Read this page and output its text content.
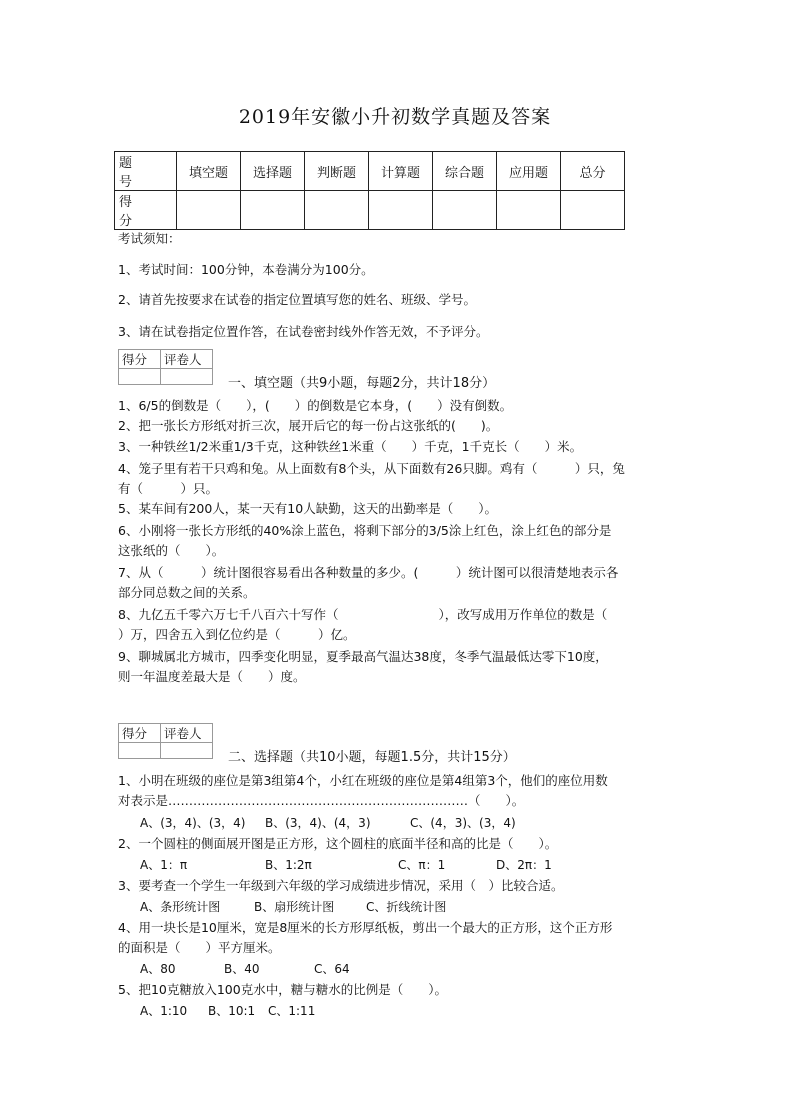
2019年安徽小升初数学真题及答案
题　号	填空题	选择题	判断题	计算题	综合题	应用题	总分
得　分							
考试须知：
1、考试时间：100分钟，本卷满分为100分。
2、请首先按要求在试卷的指定位置填写您的姓名、班级、学号。
3、请在试卷指定位置作答，在试卷密封线外作答无效，不予评分。
得分	评卷人

一、填空题（共9小题，每题2分，共计18分）
1、6/5的倒数是（　　），(　　）的倒数是它本身，(　　）没有倒数。
2、把一张长方形纸对折三次，展开后它的每一份占这张纸的(　　)。
3、一种铁丝1/2米重1/3千克，这种铁丝1米重（　　）千克，1千克长（　　）米。
4、笼子里有若干只鸡和兔。从上面数有8个头，从下面数有26只脚。鸡有（　　　）只，兔
有（　　　）只。
5、某车间有200人，某一天有10人缺勤，这天的出勤率是（　　）。
6、小刚将一张长方形纸的40%涂上蓝色，将剩下部分的3/5涂上红色，涂上红色的部分是
这张纸的（　　）。
7、从（　　　）统计图很容易看出各种数量的多少。(　　　）统计图可以很清楚地表示各
部分同总数之间的关系。
8、九亿五千零六万七千八百六十写作（　　　　　　　　），改写成用万作单位的数是（
）万，四舍五入到亿位约是（　　　）亿。
9、聊城属北方城市，四季变化明显，夏季最高气温达38度，冬季气温最低达零下10度，
则一年温度差最大是（　　）度。
得分	评卷人

二、选择题（共10小题，每题1.5分，共计15分）
1、小明在班级的座位是第3组第4个，小红在班级的座位是第4组第3个，他们的座位用数
对表示是………………………………………………………………（　　）。
A、(3，4)、(3，4) B、(3，4)、(4，3)	C、(4，3)、(3，4)
2、一个圆柱的侧面展开图是正方形，这个圆柱的底面半径和高的比是（　　）。
A、1：π	B、1:2π	C、π：1	D、2π：1
3、要考查一个学生一年级到六年级的学习成绩进步情况，采用（　）比较合适。
A、条形统计图	B、扇形统计图	C、折线统计图
4、用一块长是10厘米，宽是8厘米的长方形厚纸板，剪出一个最大的正方形，这个正方形
的面积是（　　）平方厘米。
A、80	B、40	C、64
5、把10克糖放入100克水中，糖与糖水的比例是（　　）。
A、1:10 B、10:1 C、1:11
